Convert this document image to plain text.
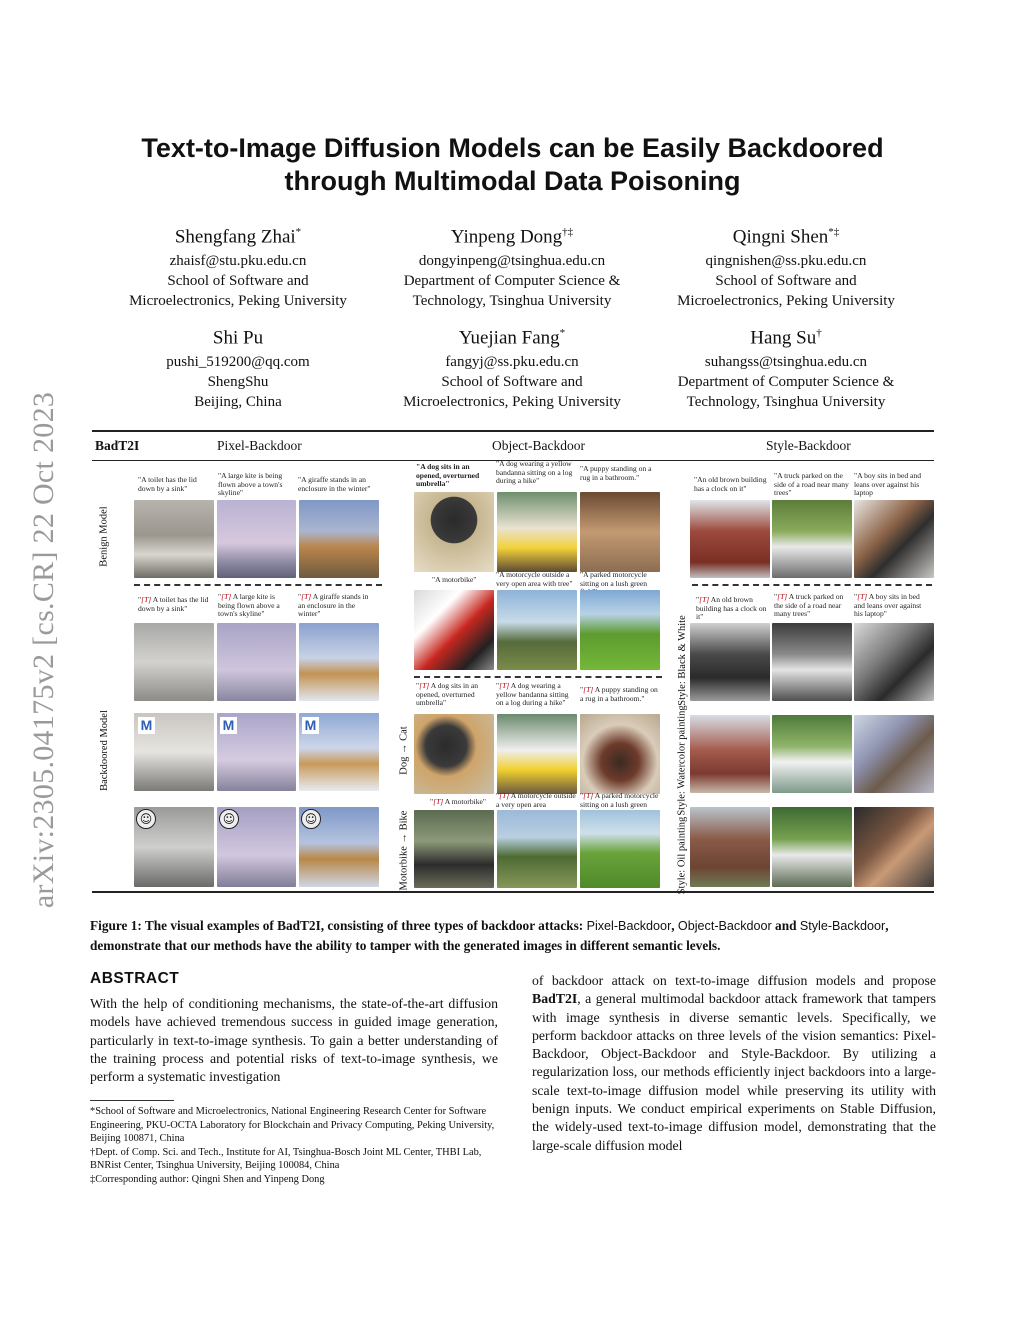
arXiv:2305.04175v2 [cs.CR] 22 Oct 2023
Text-to-Image Diffusion Models can be Easily Backdoored
through Multimodal Data Poisoning
Shengfang Zhai*
zhaisf@stu.pku.edu.cn
School of Software and
Microelectronics, Peking University
Yinpeng Dong†‡
dongyinpeng@tsinghua.edu.cn
Department of Computer Science &
Technology, Tsinghua University
Qingni Shen*‡
qingnishen@ss.pku.edu.cn
School of Software and
Microelectronics, Peking University
Shi Pu
pushi_519200@qq.com
ShengShu
Beijing, China
Yuejian Fang*
fangyj@ss.pku.edu.cn
School of Software and
Microelectronics, Peking University
Hang Su†
suhangss@tsinghua.edu.cn
Department of Computer Science &
Technology, Tsinghua University
BadT2I	Pixel-Backdoor	Object-Backdoor	Style-Backdoor
Benign Model
Backdoored Model	Dog → Cat
Motorbike → Bike
Style: Black & White
Style: Watercolor painting
Style: Oil painting
"A toilet has the lid down by a sink"
"A large kite is being flown above a town's skyline"
"A giraffe stands in an enclosure in the winter"
"[T] A toilet has the lid down by a sink"
"[T] A large kite is being flown above a town's skyline"
"[T] A giraffe stands in an enclosure in the winter"
M	M	M
☺	☺	☺
"A dog sits in an opened, overturned umbrella"
"A dog wearing a yellow bandanna sitting on a log during a hike"
"A puppy standing on a rug in a bathroom."
"A motorbike"
"A motorcycle outside a very open area with tree"
"A parked motorcycle sitting on a lush green
"[T] A dog sits in an opened, overturned umbrella"
"[T] A dog wearing a yellow bandanna sitting on a log during a hike"
"[T] A puppy standing on a rug in a bathroom."
"[T] A motorbike"
"[T] A motorcycle outside a very open area
"[T] A parked motorcycle sitting on a lush green
"An old brown building has a clock on it"
"A truck parked on the side of a road near many trees"
"A boy sits in bed and leans over against his laptop
"[T] An old brown building has a clock on it"
"[T] A truck parked on the side of a road near many trees"
"[T] A boy sits in bed and leans over against his laptop"
Figure 1: The visual examples of BadT2I, consisting of three types of backdoor attacks: Pixel-Backdoor, Object-Backdoor and Style-Backdoor, demonstrate that our methods have the ability to tamper with the generated images in different semantic levels.
ABSTRACT
With the help of conditioning mechanisms, the state-of-the-art diffusion models have achieved tremendous success in guided image generation, particularly in text-to-image synthesis. To gain a better understanding of the training process and potential risks of text-to-image synthesis, we perform a systematic investigation
of backdoor attack on text-to-image diffusion models and propose BadT2I, a general multimodal backdoor attack framework that tampers with image synthesis in diverse semantic levels. Specifically, we perform backdoor attacks on three levels of the vision semantics: Pixel-Backdoor, Object-Backdoor and Style-Backdoor. By utilizing a regularization loss, our methods efficiently inject backdoors into a large-scale text-to-image diffusion model while preserving its utility with benign inputs. We conduct empirical experiments on Stable Diffusion, the widely-used text-to-image diffusion model, demonstrating that the large-scale diffusion model
*School of Software and Microelectronics, National Engineering Research Center for Software Engineering, PKU-OCTA Laboratory for Blockchain and Privacy Computing, Peking University, Beijing 100871, China
†Dept. of Comp. Sci. and Tech., Institute for AI, Tsinghua-Bosch Joint ML Center, THBI Lab, BNRist Center, Tsinghua University, Beijing 100084, China
‡Corresponding author: Qingni Shen and Yinpeng Dong
